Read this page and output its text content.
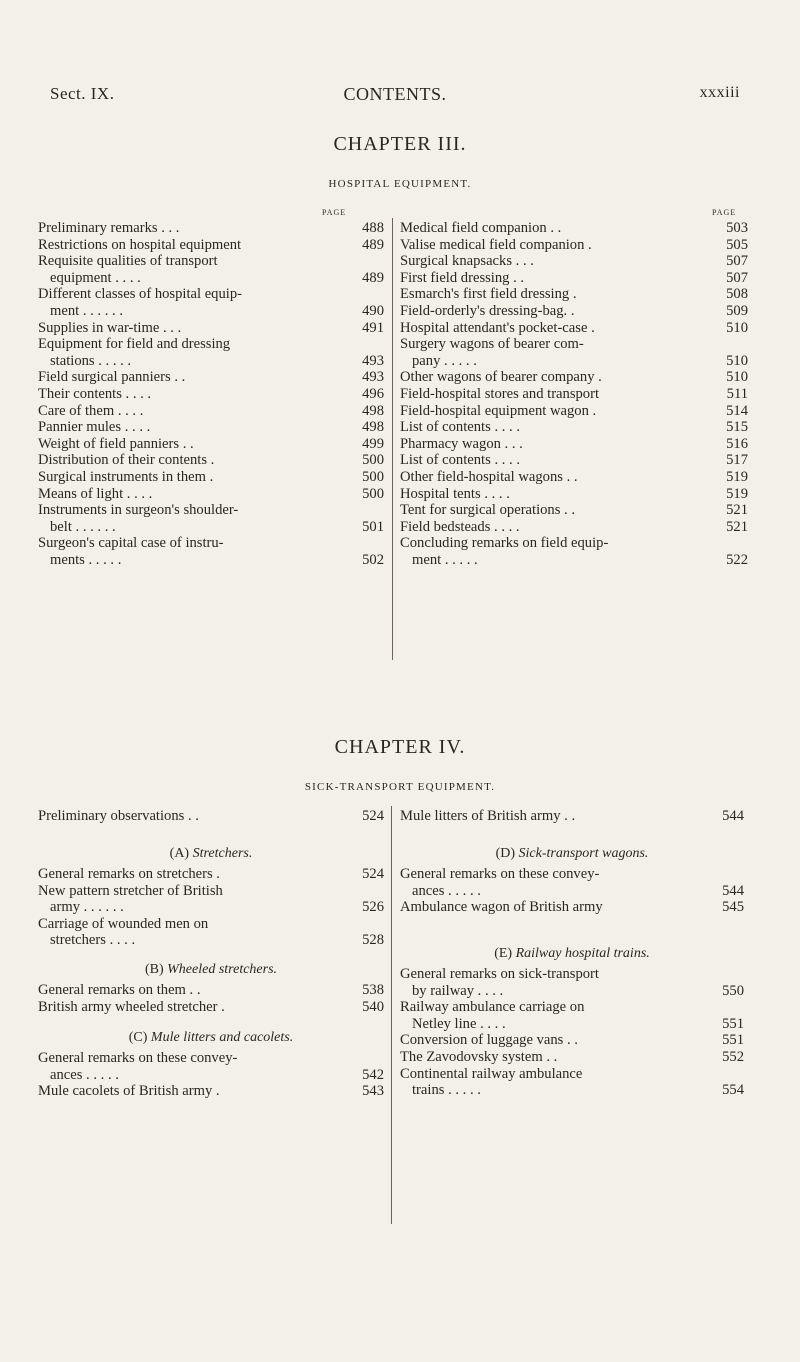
Sect. IX.	CONTENTS.	xxxiii
CHAPTER III.
HOSPITAL EQUIPMENT.
PAGE	PAGE
Preliminary remarks . . .	488
Restrictions on hospital equipment	489
Requisite qualities of transport
equipment . . . .	489
Different classes of hospital equip-
ment . . . . . .	490
Supplies in war-time . . .	491
Equipment for field and dressing
stations . . . . .	493
Field surgical panniers . .	493
Their contents . . . .	496
Care of them . . . .	498
Pannier mules . . . .	498
Weight of field panniers . .	499
Distribution of their contents .	500
Surgical instruments in them .	500
Means of light . . . .	500
Instruments in surgeon's shoulder-
belt . . . . . .	501
Surgeon's capital case of instru-
ments . . . . .	502
Medical field companion . .	503
Valise medical field companion .	505
Surgical knapsacks . . .	507
First field dressing . .	507
Esmarch's first field dressing .	508
Field-orderly's dressing-bag. .	509
Hospital attendant's pocket-case .	510
Surgery wagons of bearer com-
pany . . . . .	510
Other wagons of bearer company .	510
Field-hospital stores and transport	511
Field-hospital equipment wagon .	514
List of contents . . . .	515
Pharmacy wagon . . .	516
List of contents . . . .	517
Other field-hospital wagons . .	519
Hospital tents . . . .	519
Tent for surgical operations . .	521
Field bedsteads . . . .	521
Concluding remarks on field equip-
ment . . . . .	522
CHAPTER IV.
SICK-TRANSPORT EQUIPMENT.
Preliminary observations . .	524
(A) Stretchers.
General remarks on stretchers .	524
New pattern stretcher of British
army . . . . . .	526
Carriage of wounded men on
stretchers . . . .	528
(B) Wheeled stretchers.
General remarks on them . .	538
British army wheeled stretcher .	540
(C) Mule litters and cacolets.
General remarks on these convey-
ances . . . . .	542
Mule cacolets of British army .	543
Mule litters of British army . .	544
(D) Sick-transport wagons.
General remarks on these convey-
ances . . . . .	544
Ambulance wagon of British army	545
(E) Railway hospital trains.
General remarks on sick-transport
by railway . . . .	550
Railway ambulance carriage on
Netley line . . . .	551
Conversion of luggage vans . .	551
The Zavodovsky system . .	552
Continental railway ambulance
trains . . . . .	554
